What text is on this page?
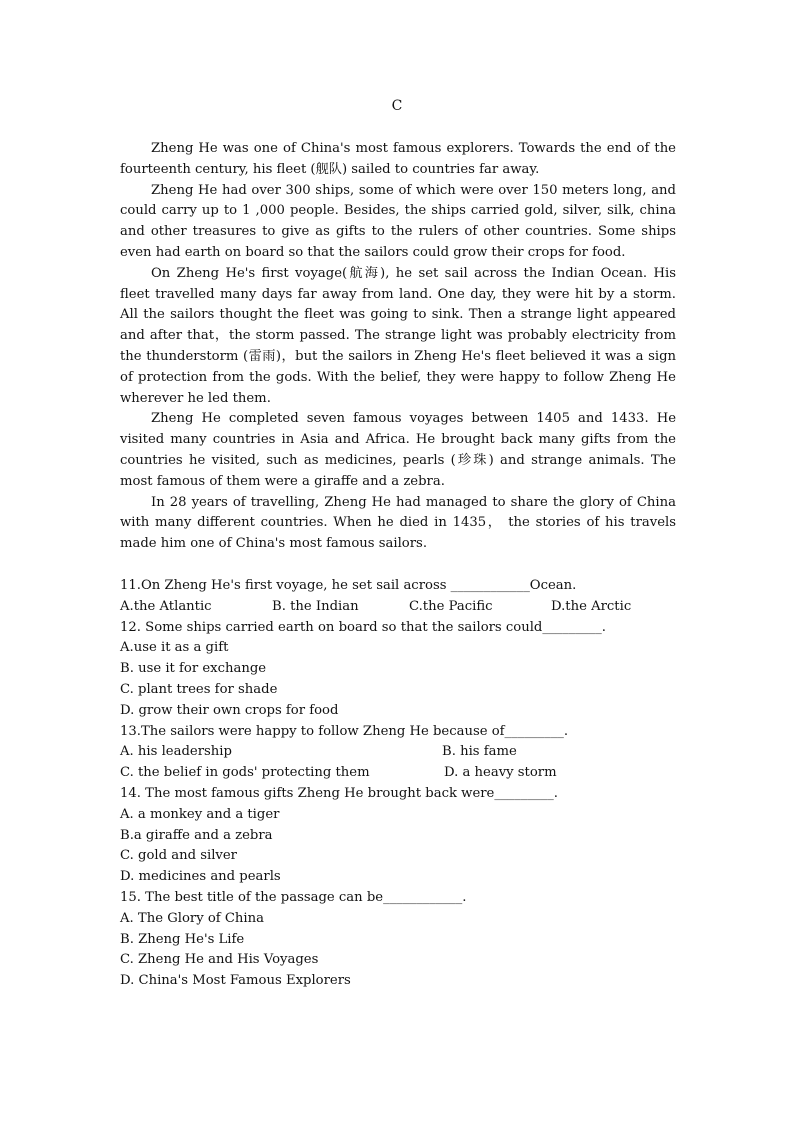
C

Zheng He was one of China's most famous explorers. Towards the end of the fourteenth century, his fleet (舰队) sailed to countries far away.

Zheng He had over 300 ships, some of which were over 150 meters long, and could carry up to 1 ,000 people. Besides, the ships carried gold, silver, silk, china and other treasures to give as gifts to the rulers of other countries. Some ships even had earth on board so that the sailors could grow their crops for food.

On Zheng He's first voyage(航海), he set sail across the Indian Ocean. His fleet travelled many days far away from land. One day, they were hit by a storm. All the sailors thought the fleet was going to sink. Then a strange light appeared and after that，the storm passed. The strange light was probably electricity from the thunderstorm (雷雨)，but the sailors in Zheng He's fleet believed it was a sign of protection from the gods. With the belief, they were happy to follow Zheng He wherever he led them.

Zheng He completed seven famous voyages between 1405 and 1433. He visited many countries in Asia and Africa. He brought back many gifts from the countries he visited, such as medicines, pearls (珍珠) and strange animals. The most famous of them were a giraffe and a zebra.

In 28 years of travelling, Zheng He had managed to share the glory of China with many different countries. When he died in 1435， the stories of his travels made him one of China's most famous sailors.

11.On Zheng He's first voyage, he set sail across ____________Ocean.
A.the Atlantic	B. the Indian	C.the Pacific	D.the Arctic
12. Some ships carried earth on board so that the sailors could_________.
A.use it as a gift
B. use it for exchange
C. plant trees for shade
D. grow their own crops for food
13.The sailors were happy to follow Zheng He because of_________.
A. his leadership	B. his fame
C. the belief in gods' protecting them	D. a heavy storm
14. The most famous gifts Zheng He brought back were_________.
A. a monkey and a tiger
B.a giraffe and a zebra
C. gold and silver
D. medicines and pearls
15. The best title of the passage can be____________.
A. The Glory of China
B. Zheng He's Life
C. Zheng He and His Voyages
D. China's Most Famous Explorers
